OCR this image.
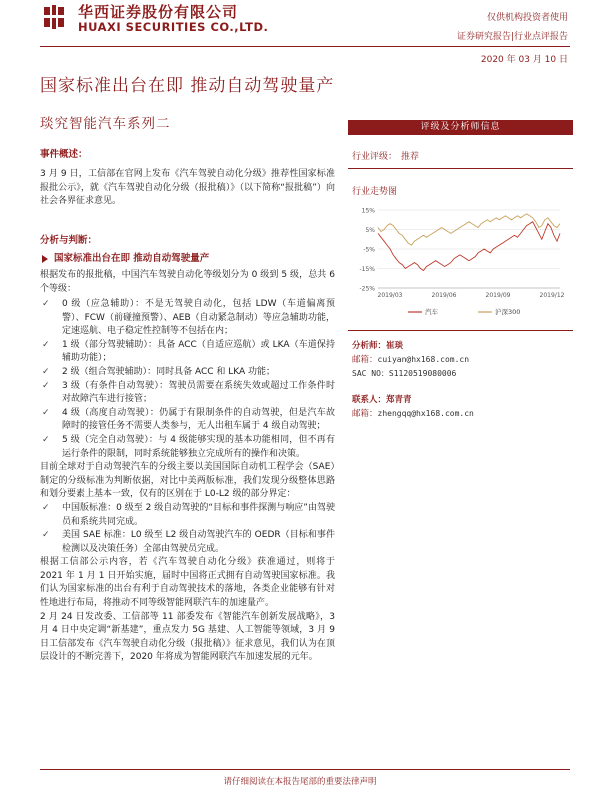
华西证券股份有限公司
HUAXI SECURITIES CO.,LTD.
仅供机构投资者使用
证券研究报告|行业点评报告
2020 年 03 月 10 日
国家标准出台在即 推动自动驾驶量产
琰究智能汽车系列二
事件概述：
3 月 9 日，工信部在官网上发布《汽车驾驶自动化分级》推荐性国家标准报批公示》，就《汽车驾驶自动化分级（报批稿）》（以下简称“报批稿”）向社会各界征求意见。
分析与判断：
国家标准出台在即 推动自动驾驶量产
根据发布的报批稿，中国汽车驾驶自动化等级划分为 0 级到 5 级，总共 6 个等级：
✓ 0 级（应急辅助）：不是无驾驶自动化，包括 LDW（车道偏离预警）、FCW（前碰撞预警）、AEB（自动紧急制动）等应急辅助功能，定速巡航、电子稳定性控制等不包括在内；
✓ 1 级（部分驾驶辅助）：具备 ACC（自适应巡航）或 LKA（车道保持辅助功能）；
✓ 2 级（组合驾驶辅助）：同时具备 ACC 和 LKA 功能；
✓ 3 级（有条件自动驾驶）：驾驶员需要在系统失效或超过工作条件时对故障汽车进行接管；
✓ 4 级（高度自动驾驶）：仍属于有限制条件的自动驾驶，但是汽车故障时的接管任务不需要人类参与，无人出租车属于 4 级自动驾驶；
✓ 5 级（完全自动驾驶）：与 4 级能够实现的基本功能相同，但不再有运行条件的限制，同时系统能够独立完成所有的操作和决策。
目前全球对于自动驾驶汽车的分级主要以美国国际自动机工程学会（SAE）制定的分级标准为判断依据，对比中美两版标准，我们发现分级整体思路和划分要素上基本一致，仅有的区别在于 L0-L2 级的部分界定：
✓ 中国版标准：0 级至 2 级自动驾驶的“目标和事件探测与响应”由驾驶员和系统共同完成。
✓ 美国 SAE 标准：L0 级至 L2 级自动驾驶汽车的 OEDR（目标和事件检测以及决策任务）全部由驾驶员完成。
根据工信部公示内容，若《汽车驾驶自动化分级》获准通过，则将于 2021 年 1 月 1 日开始实施，届时中国将正式拥有自动驾驶国家标准。我们认为国家标准的出台有利于自动驾驶技术的落地，各类企业能够有针对性地进行布局，将推动不同等级智能网联汽车的加速量产。
2 月 24 日发改委、工信部等 11 部委发布《智能汽车创新发展战略》，3 月 4 日中央定调“新基建”，重点发力 5G 基建、人工智能等领域，3 月 9 日工信部发布《汽车驾驶自动化分级（报批稿）》征求意见，我们认为在顶层设计的不断完善下，2020 年将成为智能网联汽车加速发展的元年。
评级及分析师信息
行业评级： 推荐
行业走势图
15%
5%
-5%
-15%
-25%
2019/03	2019/06	2019/09	2019/12
汽车	沪深300
分析师：崔琰
邮箱：cuiyan@hx168.com.cn
SAC NO：S1120519080006
联系人：郑青青
邮箱：zhengqq@hx168.com.cn
请仔细阅读在本报告尾部的重要法律声明
